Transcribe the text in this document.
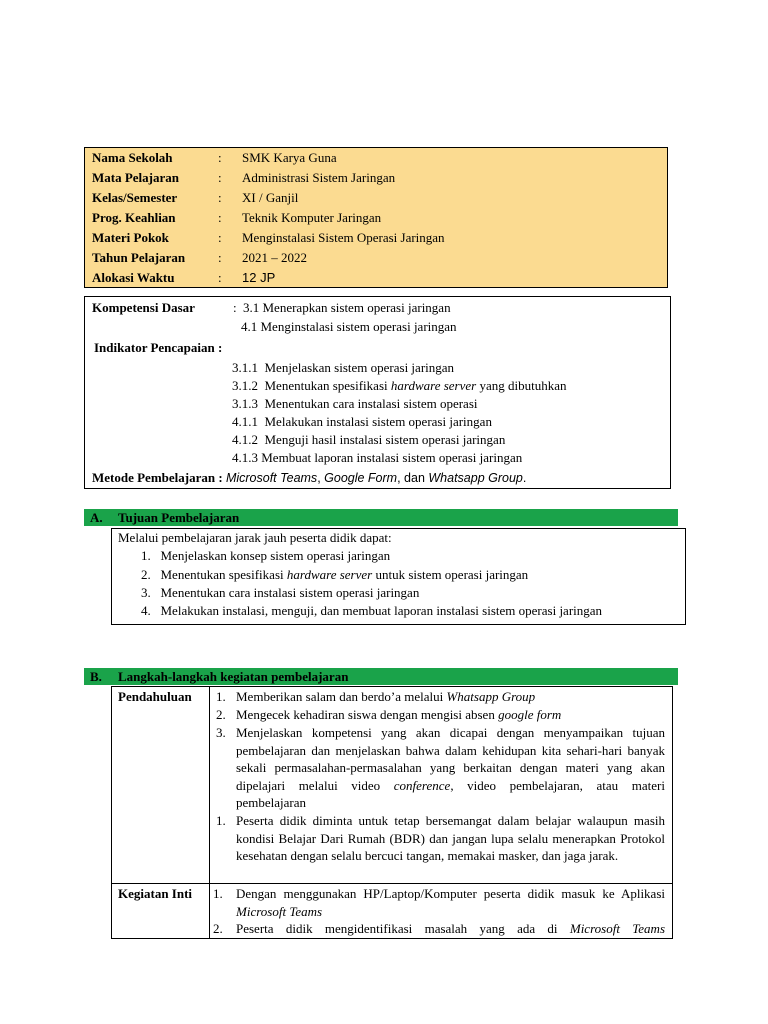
Nama Sekolah	: SMK Karya Guna
Mata Pelajaran	: Administrasi Sistem Jaringan
Kelas/Semester	: XI / Ganjil
Prog. Keahlian	: Teknik Komputer Jaringan
Materi Pokok	: Menginstalasi Sistem Operasi Jaringan
Tahun Pelajaran	: 2021 – 2022
Alokasi Waktu	: 12 JP
Kompetensi Dasar	: 3.1 Menerapkan sistem operasi jaringan
4.1 Menginstalasi sistem operasi jaringan
Indikator Pencapaian :
3.1.1 Menjelaskan sistem operasi jaringan
3.1.2 Menentukan spesifikasi hardware server yang dibutuhkan
3.1.3 Menentukan cara instalasi sistem operasi
4.1.1 Melakukan instalasi sistem operasi jaringan
4.1.2 Menguji hasil instalasi sistem operasi jaringan
4.1.3 Membuat laporan instalasi sistem operasi jaringan
Metode Pembelajaran : Microsoft Teams, Google Form, dan Whatsapp Group.
A. Tujuan Pembelajaran
Melalui pembelajaran jarak jauh peserta didik dapat:
1. Menjelaskan konsep sistem operasi jaringan
2. Menentukan spesifikasi hardware server untuk sistem operasi jaringan
3. Menentukan cara instalasi sistem operasi jaringan
4. Melakukan instalasi, menguji, dan membuat laporan instalasi sistem operasi jaringan
B. Langkah-langkah kegiatan pembelajaran
Pendahuluan	1. Memberikan salam dan berdo’a melalui Whatsapp Group
2. Mengecek kehadiran siswa dengan mengisi absen google form
3. Menjelaskan kompetensi yang akan dicapai dengan menyampaikan tujuan pembelajaran dan menjelaskan bahwa dalam kehidupan kita sehari-hari banyak sekali permasalahan-permasalahan yang berkaitan dengan materi yang akan dipelajari melalui video conference, video pembelajaran, atau materi pembelajaran
1. Peserta didik diminta untuk tetap bersemangat dalam belajar walaupun masih kondisi Belajar Dari Rumah (BDR) dan jangan lupa selalu menerapkan Protokol kesehatan dengan selalu bercuci tangan, memakai masker, dan jaga jarak.
Kegiatan Inti	1. Dengan menggunakan HP/Laptop/Komputer peserta didik masuk ke Aplikasi Microsoft Teams
2. Peserta didik mengidentifikasi masalah yang ada di Microsoft Teams
